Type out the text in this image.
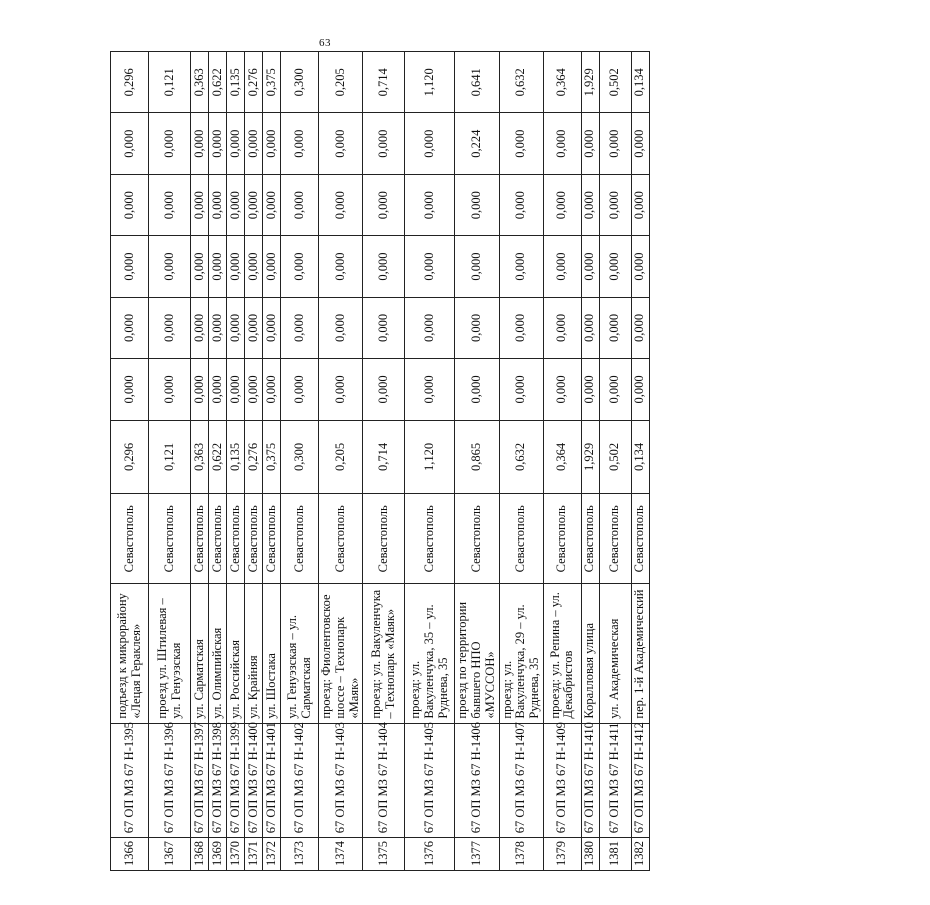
63
1366	67 ОП МЗ 67 Н-1395	подъезд к микрорайону «Лецая Гераклея»	Севастополь	0,296	0,000	0,000	0,000	0,000	0,000	0,296
1367	67 ОП МЗ 67 Н-1396	проезд ул. Штилевая – ул. Генуэзская	Севастополь	0,121	0,000	0,000	0,000	0,000	0,000	0,121
1368	67 ОП МЗ 67 Н-1397	ул. Сарматская	Севастополь	0,363	0,000	0,000	0,000	0,000	0,000	0,363
1369	67 ОП МЗ 67 Н-1398	ул. Олимпийская	Севастополь	0,622	0,000	0,000	0,000	0,000	0,000	0,622
1370	67 ОП МЗ 67 Н-1399	ул. Российская	Севастополь	0,135	0,000	0,000	0,000	0,000	0,000	0,135
1371	67 ОП МЗ 67 Н-1400	ул. Крайняя	Севастополь	0,276	0,000	0,000	0,000	0,000	0,000	0,276
1372	67 ОП МЗ 67 Н-1401	ул. Шостака	Севастополь	0,375	0,000	0,000	0,000	0,000	0,000	0,375
1373	67 ОП МЗ 67 Н-1402	ул. Генуэзская – ул. Сарматская	Севастополь	0,300	0,000	0,000	0,000	0,000	0,000	0,300
1374	67 ОП МЗ 67 Н-1403	проезд: Фиолентовское шоссе – Технопарк «Маяк»	Севастополь	0,205	0,000	0,000	0,000	0,000	0,000	0,205
1375	67 ОП МЗ 67 Н-1404	проезд: ул. Вакуленчука – Технопарк «Маяк»	Севастополь	0,714	0,000	0,000	0,000	0,000	0,000	0,714
1376	67 ОП МЗ 67 Н-1405	проезд: ул. Вакуленчука, 35 – ул. Руднева, 35	Севастополь	1,120	0,000	0,000	0,000	0,000	0,000	1,120
1377	67 ОП МЗ 67 Н-1406	проезд по территории бывшего НПО «МУССОН»	Севастополь	0,865	0,000	0,000	0,000	0,000	0,224	0,641
1378	67 ОП МЗ 67 Н-1407	проезд: ул. Вакуленчука, 29 – ул. Руднева, 35	Севастополь	0,632	0,000	0,000	0,000	0,000	0,000	0,632
1379	67 ОП МЗ 67 Н-1409	проезд: ул. Репина – ул. Декабристов	Севастополь	0,364	0,000	0,000	0,000	0,000	0,000	0,364
1380	67 ОП МЗ 67 Н-1410	Коралловая улица	Севастополь	1,929	0,000	0,000	0,000	0,000	0,000	1,929
1381	67 ОП МЗ 67 Н-1411	ул. Академическая	Севастополь	0,502	0,000	0,000	0,000	0,000	0,000	0,502
1382	67 ОП МЗ 67 Н-1412	пер. 1-й Академический	Севастополь	0,134	0,000	0,000	0,000	0,000	0,000	0,134
